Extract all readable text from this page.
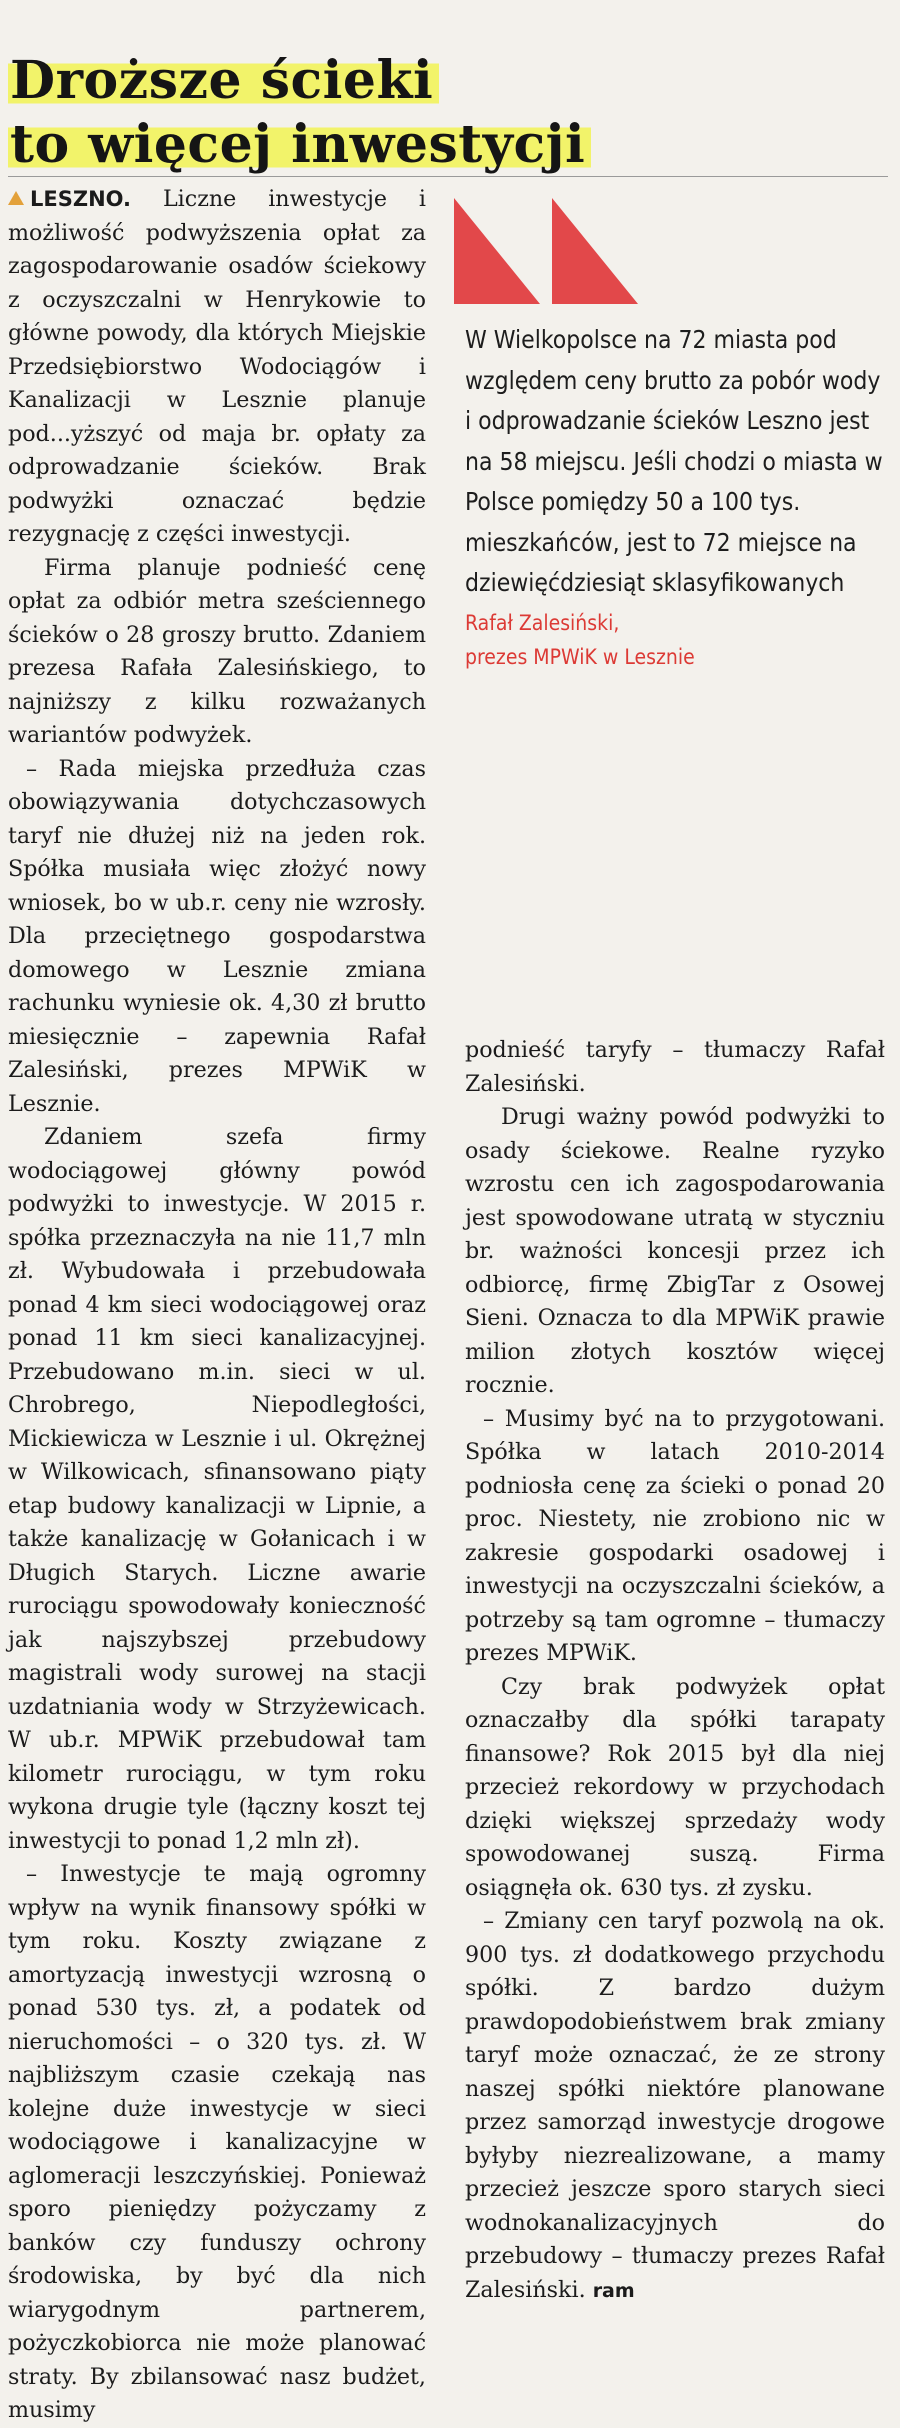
Droższe ścieki
to więcej inwestycji

LESZNO. Liczne inwestycje i możliwość podwyższenia opłat za zagospodarowanie osadów ściekowy z oczyszczalni w Henrykowie to główne powody, dla których Miejskie Przedsiębiorstwo Wodociągów i Kanalizacji w Lesznie planuje pod...yższyć od maja br. opłaty za odprowadzanie ścieków. Brak podwyżki oznaczać będzie rezygnację z części inwestycji.

Firma planuje podnieść cenę opłat za odbiór metra sześciennego ścieków o 28 groszy brutto. Zdaniem prezesa Rafała Zalesińskiego, to najniższy z kilku rozważanych wariantów podwyżek.

– Rada miejska przedłuża czas obowiązywania dotychczasowych taryf nie dłużej niż na jeden rok. Spółka musiała więc złożyć nowy wniosek, bo w ub.r. ceny nie wzrosły. Dla przeciętnego gospodarstwa domowego w Lesznie zmiana rachunku wyniesie ok. 4,30 zł brutto miesięcznie – zapewnia Rafał Zalesiński, prezes MPWiK w Lesznie.

Zdaniem szefa firmy wodociągowej główny powód podwyżki to inwestycje. W 2015 r. spółka przeznaczyła na nie 11,7 mln zł. Wybudowała i przebudowała ponad 4 km sieci wodociągowej oraz ponad 11 km sieci kanalizacyjnej. Przebudowano m.in. sieci w ul. Chrobrego, Niepodległości, Mickiewicza w Lesznie i ul. Okrężnej w Wilkowicach, sfinansowano piąty etap budowy kanalizacji w Lipnie, a także kanalizację w Gołanicach i w Długich Starych. Liczne awarie rurociągu spowodowały konieczność jak najszybszej przebudowy magistrali wody surowej na stacji uzdatniania wody w Strzyżewicach. W ub.r. MPWiK przebudował tam kilometr rurociągu, w tym roku wykona drugie tyle (łączny koszt tej inwestycji to ponad 1,2 mln zł).

– Inwestycje te mają ogromny wpływ na wynik finansowy spółki w tym roku. Koszty związane z amortyzacją inwestycji wzrosną o ponad 530 tys. zł, a podatek od nieruchomości – o 320 tys. zł. W najbliższym czasie czekają nas kolejne duże inwestycje w sieci wodociągowe i kanalizacyjne w aglomeracji leszczyńskiej. Ponieważ sporo pieniędzy pożyczamy z banków czy funduszy ochrony środowiska, by być dla nich wiarygodnym partnerem, pożyczkobiorca nie może planować straty. By zbilansować nasz budżet, musimy

W Wielkopolsce na 72 miasta pod względem ceny brutto za pobór wody i odprowadzanie ścieków Leszno jest na 58 miejscu. Jeśli chodzi o miasta w Polsce pomiędzy 50 a 100 tys. mieszkańców, jest to 72 miejsce na dziewięćdziesiąt sklasyfikowanych
Rafał Zalesiński,
prezes MPWiK w Lesznie

podnieść taryfy – tłumaczy Rafał Zalesiński.

Drugi ważny powód podwyżki to osady ściekowe. Realne ryzyko wzrostu cen ich zagospodarowania jest spowodowane utratą w styczniu br. ważności koncesji przez ich odbiorcę, firmę ZbigTar z Osowej Sieni. Oznacza to dla MPWiK prawie milion złotych kosztów więcej rocznie.

– Musimy być na to przygotowani. Spółka w latach 2010-2014 podniosła cenę za ścieki o ponad 20 proc. Niestety, nie zrobiono nic w zakresie gospodarki osadowej i inwestycji na oczyszczalni ścieków, a potrzeby są tam ogromne – tłumaczy prezes MPWiK.

Czy brak podwyżek opłat oznaczałby dla spółki tarapaty finansowe? Rok 2015 był dla niej przecież rekordowy w przychodach dzięki większej sprzedaży wody spowodowanej suszą. Firma osiągnęła ok. 630 tys. zł zysku.

– Zmiany cen taryf pozwolą na ok. 900 tys. zł dodatkowego przychodu spółki. Z bardzo dużym prawdopodobieństwem brak zmiany taryf może oznaczać, że ze strony naszej spółki niektóre planowane przez samorząd inwestycje drogowe byłyby niezrealizowane, a mamy przecież jeszcze sporo starych sieci wodnokanalizacyjnych do przebudowy – tłumaczy prezes Rafał Zalesiński. ram
